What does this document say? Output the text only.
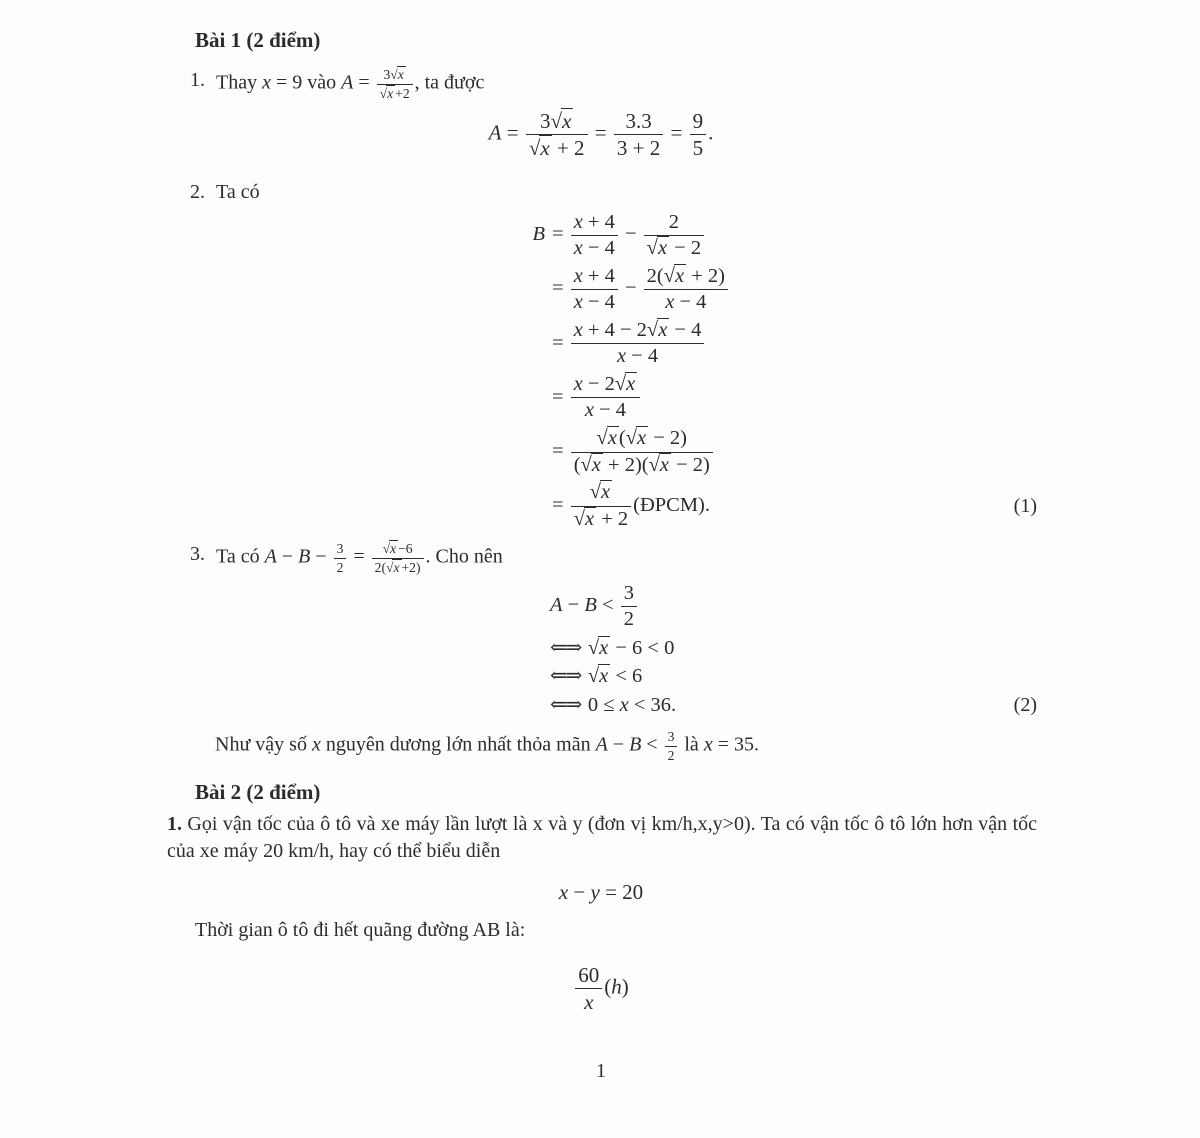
Bài 1 (2 điểm)
1. Thay x = 9 vào $A = \frac{3√x}{√x +2}$ , ta được
$A = \frac{3√x}{√x + 2} = \frac{3.3}{3 + 2} = \frac{9}{5}$ .
2. Ta có
$B = \frac{x + 4}{x - 4} - \frac{2}{√x - 2}$
= $\frac{x + 4}{x - 4} - \frac{2(√x + 2)}{x - 4}$
= $\frac{x + 4 - 2√x - 4}{x - 4}$
= $\frac{x - 2√x}{x - 4}$
= $\frac{√x(√x - 2)}{(√x + 2)(√x - 2)}$
= $\frac{√x}{√x + 2}$ (ĐPCM).	(1)
3. Ta có $A - B - \frac{3}{2} = \frac{√x -6}{2(√x +2)}$ . Cho nên
$A - B < \frac{3}{2}$
⇐⇒ √x − 6 < 0
⇐⇒ √x < 6
⇐⇒ 0 ≤ x < 36.	(2)
Như vậy số x nguyên dương lớn nhất thỏa mãn $A - B < \frac{3}{2}$ là x = 35.
Bài 2 (2 điểm)
1. Gọi vận tốc của ô tô và xe máy lần lượt là x và y (đơn vị km/h,x,y>0). Ta có vận tốc ô tô lớn hơn vận tốc của xe máy 20 km/h, hay có thể biểu diễn
x − y = 20
Thời gian ô tô đi hết quãng đường AB là:
$\frac{60}{x} (h)$
1
